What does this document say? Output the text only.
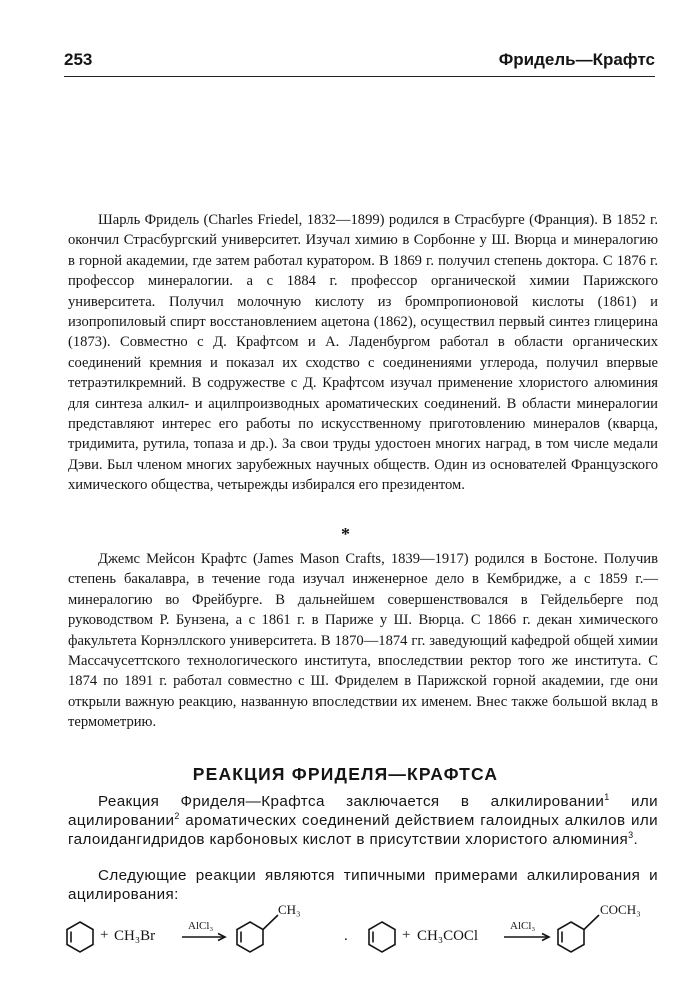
253	Фридель—Крафтс

Шарль Фридель (Charles Friedel, 1832—1899) родился в Страсбурге (Франция). В 1852 г. окончил Страсбургский университет. Изучал химию в Сорбонне у Ш. Вюрца и минералогию в горной академии, где затем работал куратором. В 1869 г. получил степень доктора. С 1876 г. профессор минералогии. а с 1884 г. профессор органической химии Парижского университета. Получил молочную кислоту из бромпропионовой кислоты (1861) и изопропиловый спирт восстановлением ацетона (1862), осуществил первый синтез глицерина (1873). Совместно с Д. Крафтсом и А. Ладенбургом работал в области органических соединений кремния и показал их сходство с соединениями углерода, получил впервые тетраэтилкремний. В содружестве с Д. Крафтсом изучал применение хлористого алюминия для синтеза алкил- и ацилпроизводных ароматических соединений. В области минералогии представляют интерес его работы по искусственному приготовлению минералов (кварца, тридимита, рутила, топаза и др.). За свои труды удостоен многих наград, в том числе медали Дэви. Был членом многих зарубежных научных обществ. Один из основателей Французского химического общества, четырежды избирался его президентом.

*

Джемс Мейсон Крафтс (James Mason Crafts, 1839—1917) родился в Бостоне. Получив степень бакалавра, в течение года изучал инженерное дело в Кембридже, а с 1859 г.—минералогию во Фрейбурге. В дальнейшем совершенствовался в Гейдельберге под руководством Р. Бунзена, а с 1861 г. в Париже у Ш. Вюрца. С 1866 г. декан химического факультета Корнэллского университета. В 1870—1874 гг. заведующий кафедрой общей химии Массачусеттского технологического института, впоследствии ректор того же института. С 1874 по 1891 г. работал совместно с Ш. Фриделем в Парижской горной академии, где они открыли важную реакцию, названную впоследствии их именем. Внес также большой вклад в термометрию.

РЕАКЦИЯ ФРИДЕЛЯ—КРАФТСА

Реакция Фриделя—Крафтса заключается в алкилировании$^1$ или ацилировании$^2$ ароматических соединений действием галоидных алкилов или галоидангидридов карбоновых кислот в присутствии хлористого алюминия$^3$.

Следующие реакции являются типичными примерами алкилирования и ацилирования:

+ CH₃Br
AlCl₃
CH₃
.	+ CH₃COCl
AlCl₃
COCH₃
